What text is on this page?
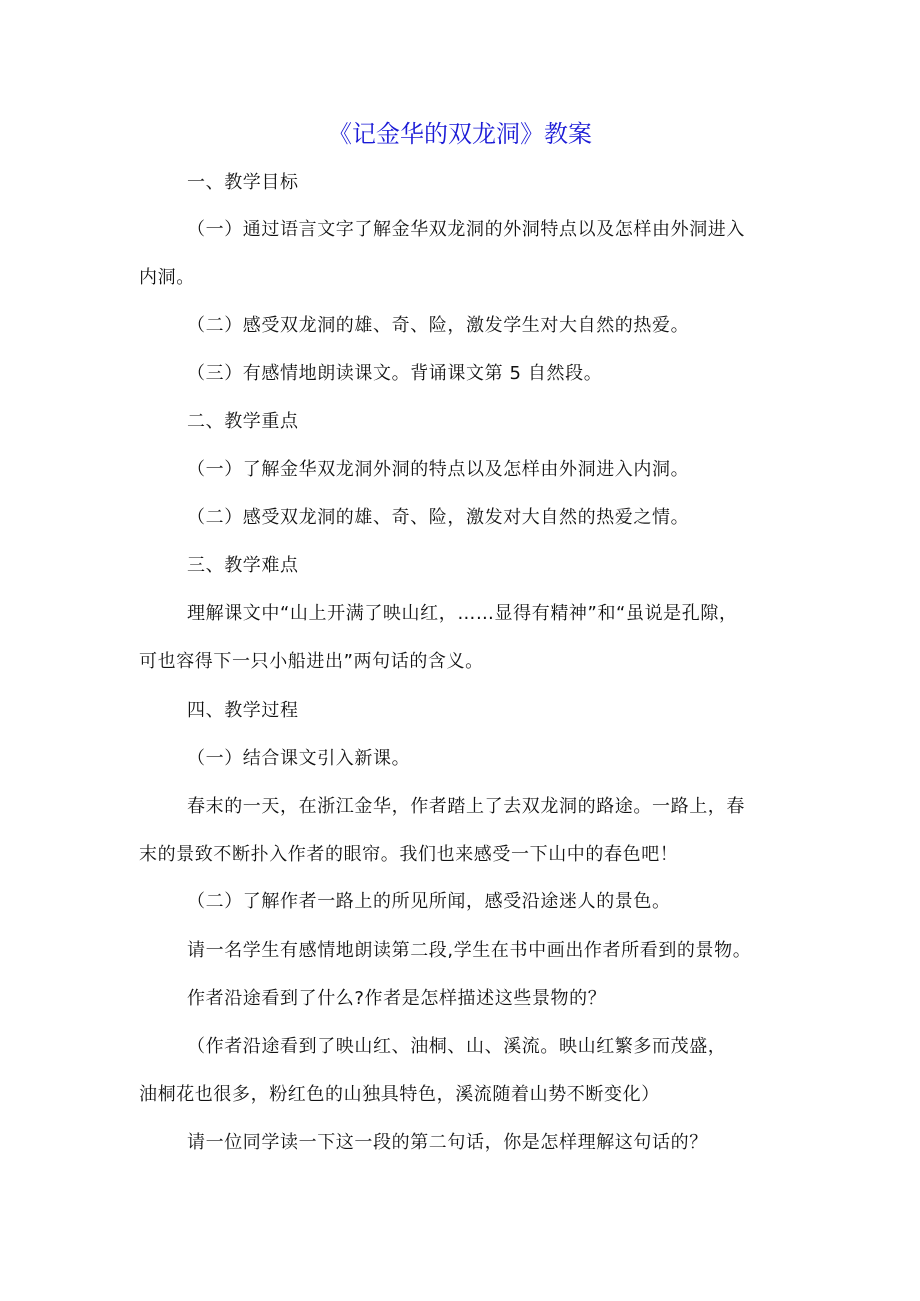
《记金华的双龙洞》教案
一、教学目标
（一）通过语言文字了解金华双龙洞的外洞特点以及怎样由外洞进入
内洞。
（二）感受双龙洞的雄、奇、险，激发学生对大自然的热爱。
（三）有感情地朗读课文。背诵课文第 5 自然段。
二、教学重点
（一）了解金华双龙洞外洞的特点以及怎样由外洞进入内洞。
（二）感受双龙洞的雄、奇、险，激发对大自然的热爱之情。
三、教学难点
理解课文中“山上开满了映山红，……显得有精神”和“虽说是孔隙，
可也容得下一只小船进出”两句话的含义。
四、教学过程
（一）结合课文引入新课。
春末的一天，在浙江金华，作者踏上了去双龙洞的路途。一路上，春
末的景致不断扑入作者的眼帘。我们也来感受一下山中的春色吧！
（二）了解作者一路上的所见所闻，感受沿途迷人的景色。
请一名学生有感情地朗读第二段,学生在书中画出作者所看到的景物。
作者沿途看到了什么?作者是怎样描述这些景物的？
（作者沿途看到了映山红、油桐、山、溪流。映山红繁多而茂盛，
油桐花也很多，粉红色的山独具特色，溪流随着山势不断变化）
请一位同学读一下这一段的第二句话，你是怎样理解这句话的？
